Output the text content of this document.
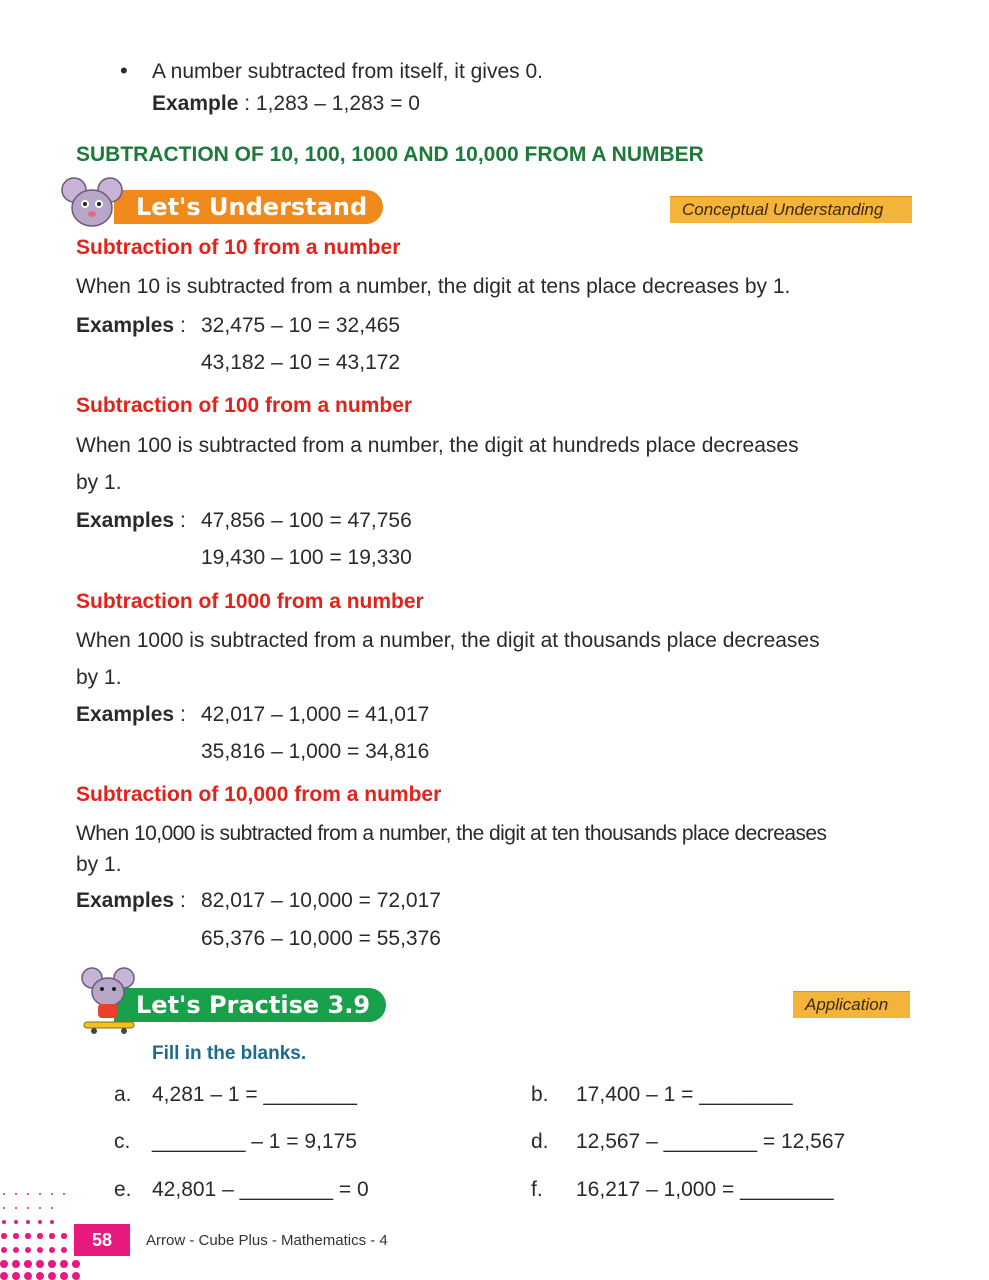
• A number subtracted from itself, it gives 0.
Example : 1,283 – 1,283 = 0
SUBTRACTION OF 10, 100, 1000 AND 10,000 FROM A NUMBER
Let's Understand	Conceptual Understanding
Subtraction of 10 from a number
When 10 is subtracted from a number, the digit at tens place decreases by 1.
Examples : 32,475 – 10 = 32,465
43,182 – 10 = 43,172
Subtraction of 100 from a number
When 100 is subtracted from a number, the digit at hundreds place decreases
by 1.
Examples : 47,856 – 100 = 47,756
19,430 – 100 = 19,330
Subtraction of 1000 from a number
When 1000 is subtracted from a number, the digit at thousands place decreases
by 1.
Examples : 42,017 – 1,000 = 41,017
35,816 – 1,000 = 34,816
Subtraction of 10,000 from a number
When 10,000 is subtracted from a number, the digit at ten thousands place decreases
by 1.
Examples : 82,017 – 10,000 = 72,017
65,376 – 10,000 = 55,376
Let's Practise 3.9	Application
Fill in the blanks.
a. 4,281 – 1 = ________	b. 17,400 – 1 = ________
c. ________ – 1 = 9,175	d. 12,567 – ________ = 12,567
e. 42,801 – ________ = 0	f. 16,217 – 1,000 = ________
58	Arrow - Cube Plus - Mathematics - 4
